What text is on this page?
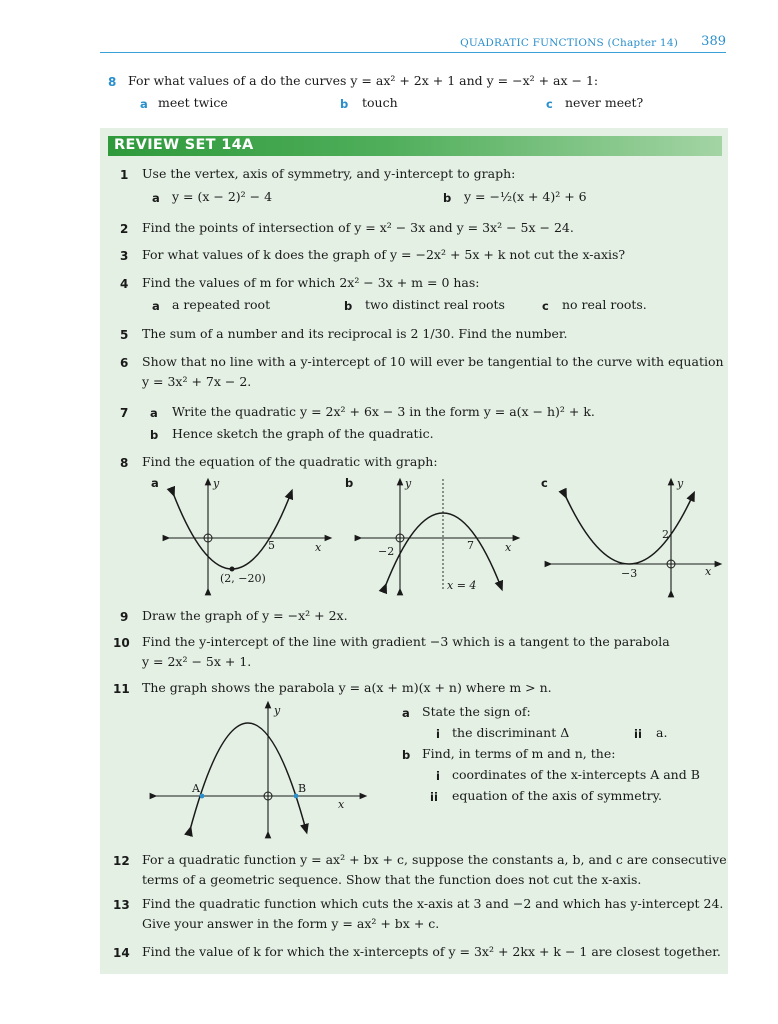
QUADRATIC FUNCTIONS (Chapter 14) 389
8 For what values of a do the curves y = ax² + 2x + 1 and y = −x² + ax − 1:
a meet twice	b touch	c never meet?
REVIEW SET 14A
1 Use the vertex, axis of symmetry, and y-intercept to graph:
a y = (x − 2)² − 4	b y = −½(x + 4)² + 6
2 Find the points of intersection of y = x² − 3x and y = 3x² − 5x − 24.
3 For what values of k does the graph of y = −2x² + 5x + k not cut the x-axis?
4 Find the values of m for which 2x² − 3x + m = 0 has:
a a repeated root	b two distinct real roots	c no real roots.
5 The sum of a number and its reciprocal is 2 1/30. Find the number.
6 Show that no line with a y-intercept of 10 will ever be tangential to the curve with equation
y = 3x² + 7x − 2.
7 a Write the quadratic y = 2x² + 6x − 3 in the form y = a(x − h)² + k.
b Hence sketch the graph of the quadratic.
8 Find the equation of the quadratic with graph:
a	y
x
5
(2, −20)
b	y
x
−2	7
x = 4
c	y
x
2
−3
9 Draw the graph of y = −x² + 2x.
10 Find the y-intercept of the line with gradient −3 which is a tangent to the parabola
y = 2x² − 5x + 1.
11 The graph shows the parabola y = a(x + m)(x + n) where m > n.
y
x
A	B
a State the sign of:
i the discriminant Δ	ii a.
b Find, in terms of m and n, the:
i coordinates of the x-intercepts A and B
ii equation of the axis of symmetry.
12 For a quadratic function y = ax² + bx + c, suppose the constants a, b, and c are consecutive
terms of a geometric sequence. Show that the function does not cut the x-axis.
13 Find the quadratic function which cuts the x-axis at 3 and −2 and which has y-intercept 24.
Give your answer in the form y = ax² + bx + c.
14 Find the value of k for which the x-intercepts of y = 3x² + 2kx + k − 1 are closest together.
